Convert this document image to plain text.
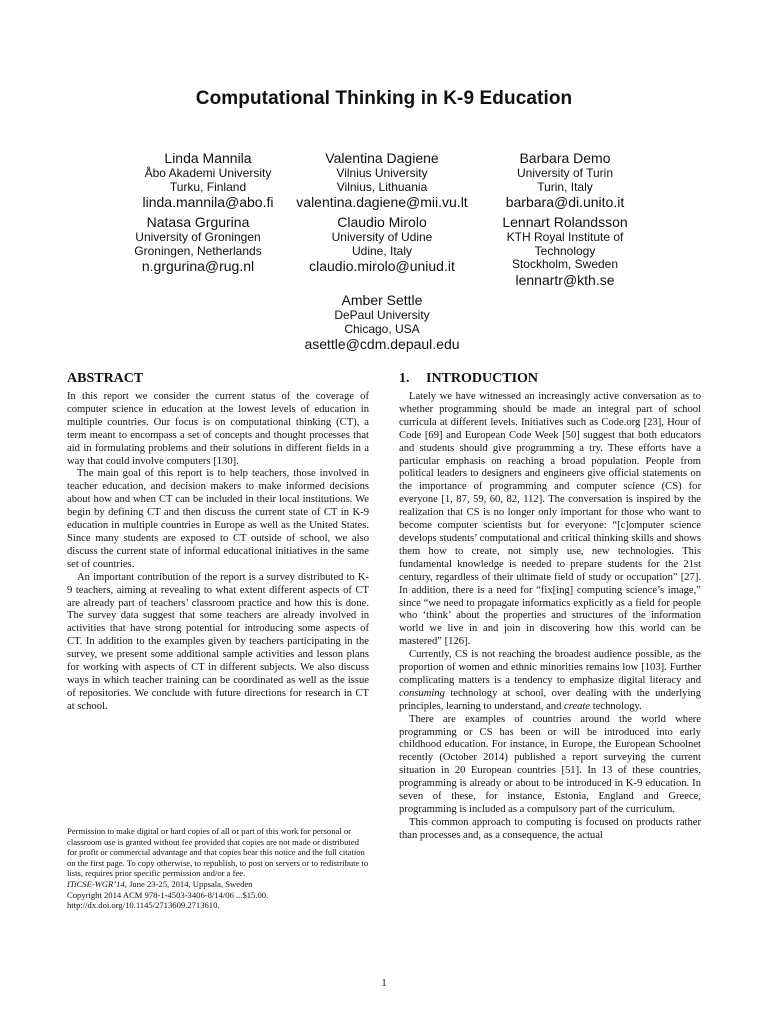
Computational Thinking in K-9 Education
Linda Mannila
Åbo Akademi University
Turku, Finland
linda.mannila@abo.fi
Valentina Dagiene
Vilnius University
Vilnius, Lithuania
valentina.dagiene@mii.vu.lt
Barbara Demo
University of Turin
Turin, Italy
barbara@di.unito.it
Natasa Grgurina
University of Groningen
Groningen, Netherlands
n.grgurina@rug.nl
Claudio Mirolo
University of Udine
Udine, Italy
claudio.mirolo@uniud.it
Lennart Rolandsson
KTH Royal Institute of
Technology
Stockholm, Sweden
lennartr@kth.se
Amber Settle
DePaul University
Chicago, USA
asettle@cdm.depaul.edu
ABSTRACT

In this report we consider the current status of the coverage of computer science in education at the lowest levels of education in multiple countries. Our focus is on computational thinking (CT), a term meant to encompass a set of concepts and thought processes that aid in formulating problems and their solutions in different fields in a way that could involve computers [130].

The main goal of this report is to help teachers, those involved in teacher education, and decision makers to make informed decisions about how and when CT can be included in their local institutions. We begin by defining CT and then discuss the current state of CT in K-9 education in multiple countries in Europe as well as the United States. Since many students are exposed to CT outside of school, we also discuss the current state of informal educational initiatives in the same set of countries.

An important contribution of the report is a survey distributed to K-9 teachers, aiming at revealing to what extent different aspects of CT are already part of teachers’ classroom practice and how this is done. The survey data suggest that some teachers are already involved in activities that have strong potential for introducing some aspects of CT. In addition to the examples given by teachers participating in the survey, we present some additional sample activities and lesson plans for working with aspects of CT in different subjects. We also discuss ways in which teacher training can be coordinated as well as the issue of repositories. We conclude with future directions for research in CT at school.

Permission to make digital or hard copies of all or part of this work for personal or classroom use is granted without fee provided that copies are not made or distributed for profit or commercial advantage and that copies bear this notice and the full citation on the first page. To copy otherwise, to republish, to post on servers or to redistribute to lists, requires prior specific permission and/or a fee.
ITiCSE-WGR’14, June 23-25, 2014, Uppsala, Sweden
Copyright 2014 ACM 978-1-4503-3406-8/14/06 ...$15.00.
http://dx.doi.org/10.1145/2713609.2713610.
1. INTRODUCTION

Lately we have witnessed an increasingly active conversation as to whether programming should be made an integral part of school curricula at different levels. Initiatives such as Code.org [23], Hour of Code [69] and European Code Week [50] suggest that both educators and students should give programming a try. These efforts have a particular emphasis on reaching a broad population. People from political leaders to designers and engineers give official statements on the importance of programming and computer science (CS) for everyone [1, 87, 59, 60, 82, 112]. The conversation is inspired by the realization that CS is no longer only important for those who want to become computer scientists but for everyone: “[c]omputer science develops students’ computational and critical thinking skills and shows them how to create, not simply use, new technologies. This fundamental knowledge is needed to prepare students for the 21st century, regardless of their ultimate field of study or occupation” [27]. In addition, there is a need for “fix[ing] computing science’s image,” since “we need to propagate informatics explicitly as a field for people who ‘think’ about the properties and structures of the information world we live in and join in discovering how this world can be mastered” [126].

Currently, CS is not reaching the broadest audience possible, as the proportion of women and ethnic minorities remains low [103]. Further complicating matters is a tendency to emphasize digital literacy and consuming technology at school, over dealing with the underlying principles, learning to understand, and create technology.

There are examples of countries around the world where programming or CS has been or will be introduced into early childhood education. For instance, in Europe, the European Schoolnet recently (October 2014) published a report surveying the current situation in 20 European countries [51]. In 13 of these countries, programming is already or about to be introduced in K-9 education. In seven of these, for instance, Estonia, England and Greece, programming is included as a compulsory part of the curriculum.

This common approach to computing is focused on products rather than processes and, as a consequence, the actual

1
